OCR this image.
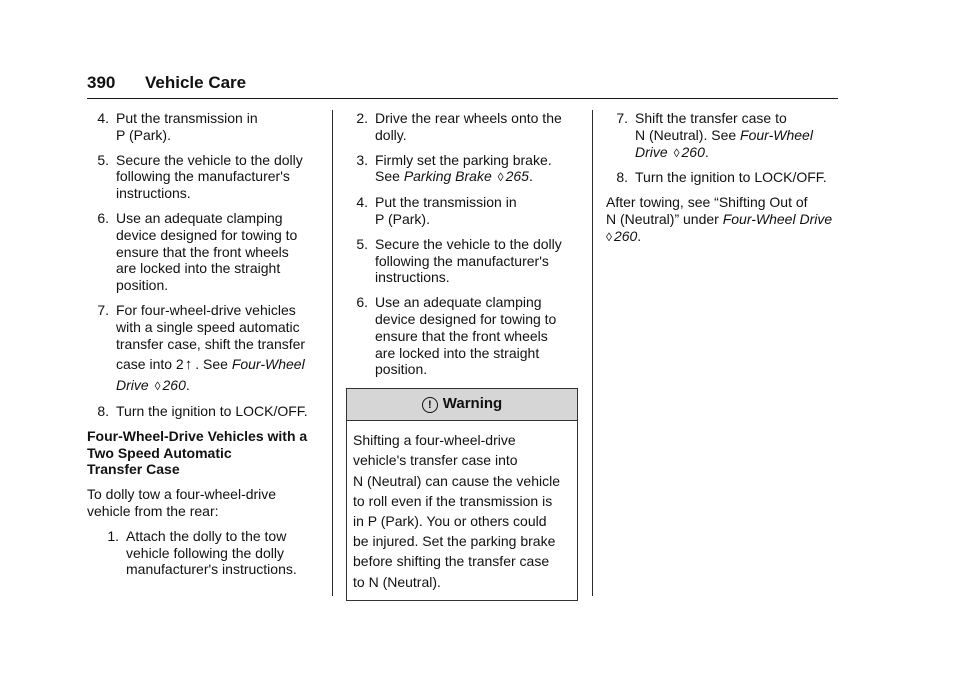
390 Vehicle Care
4. Put the transmission in
P (Park).
5. Secure the vehicle to the dolly
following the manufacturer's
instructions.
6. Use an adequate clamping
device designed for towing to
ensure that the front wheels
are locked into the straight
position.
7. For four-wheel-drive vehicles
with a single speed automatic
transfer case, shift the transfer
case into 2↑ . See Four-Wheel
Drive ◊ 260.
8. Turn the ignition to LOCK/OFF.
Four-Wheel-Drive Vehicles with a
Two Speed Automatic
Transfer Case
To dolly tow a four-wheel-drive
vehicle from the rear:
1. Attach the dolly to the tow
vehicle following the dolly
manufacturer's instructions.
2. Drive the rear wheels onto the
dolly.
3. Firmly set the parking brake.
See Parking Brake ◊ 265.
4. Put the transmission in
P (Park).
5. Secure the vehicle to the dolly
following the manufacturer's
instructions.
6. Use an adequate clamping
device designed for towing to
ensure that the front wheels
are locked into the straight
position.
! Warning
Shifting a four-wheel-drive
vehicle's transfer case into
N (Neutral) can cause the vehicle
to roll even if the transmission is
in P (Park). You or others could
be injured. Set the parking brake
before shifting the transfer case
to N (Neutral).
7. Shift the transfer case to
N (Neutral). See Four-Wheel
Drive ◊ 260.
8. Turn the ignition to LOCK/OFF.
After towing, see “Shifting Out of
N (Neutral)” under Four-Wheel Drive
◊ 260.
